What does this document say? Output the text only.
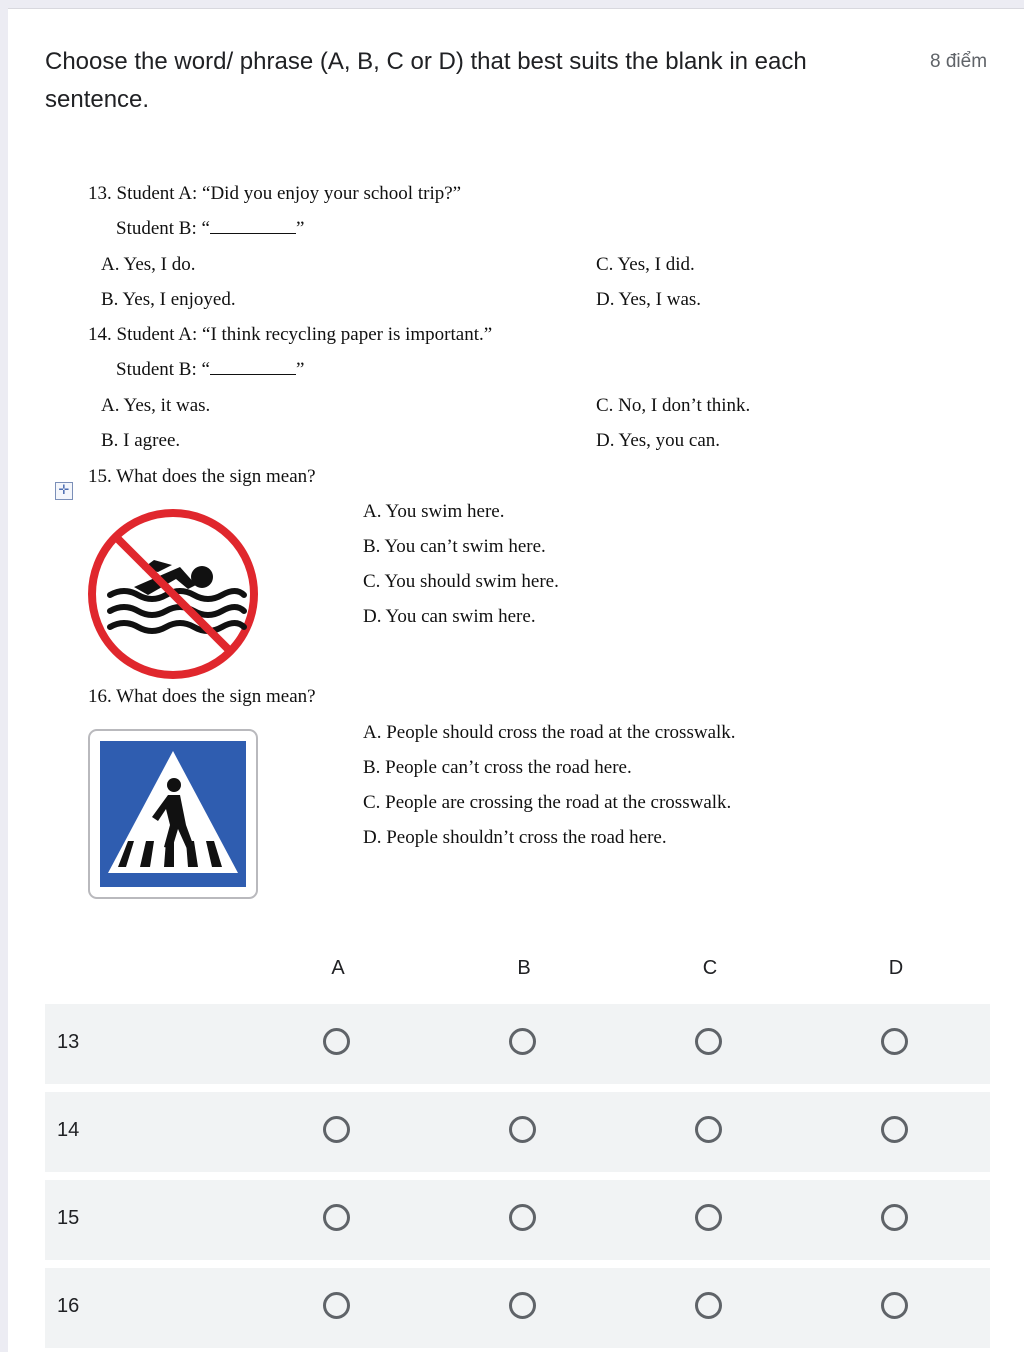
Choose the word/ phrase (A, B, C or D) that best suits the blank in each sentence.
8 điểm
13. Student A: “Did you enjoy your school trip?”
Student B: “	”
A. Yes, I do.	C. Yes, I did.
B. Yes, I enjoyed.	D. Yes, I was.
14. Student A: “I think recycling paper is important.”
Student B: “	”
A. Yes, it was.	C. No, I don’t think.
B. I agree.	D. Yes, you can.
✛
15. What does the sign mean?
A. You swim here.
B. You can’t swim here.
C. You should swim here.
D. You can swim here.
16. What does the sign mean?
A. People should cross the road at the crosswalk.
B. People can’t cross the road here.
C. People are crossing the road at the crosswalk.
D. People shouldn’t cross the road here.
A	B	C	D
13
14
15
16
